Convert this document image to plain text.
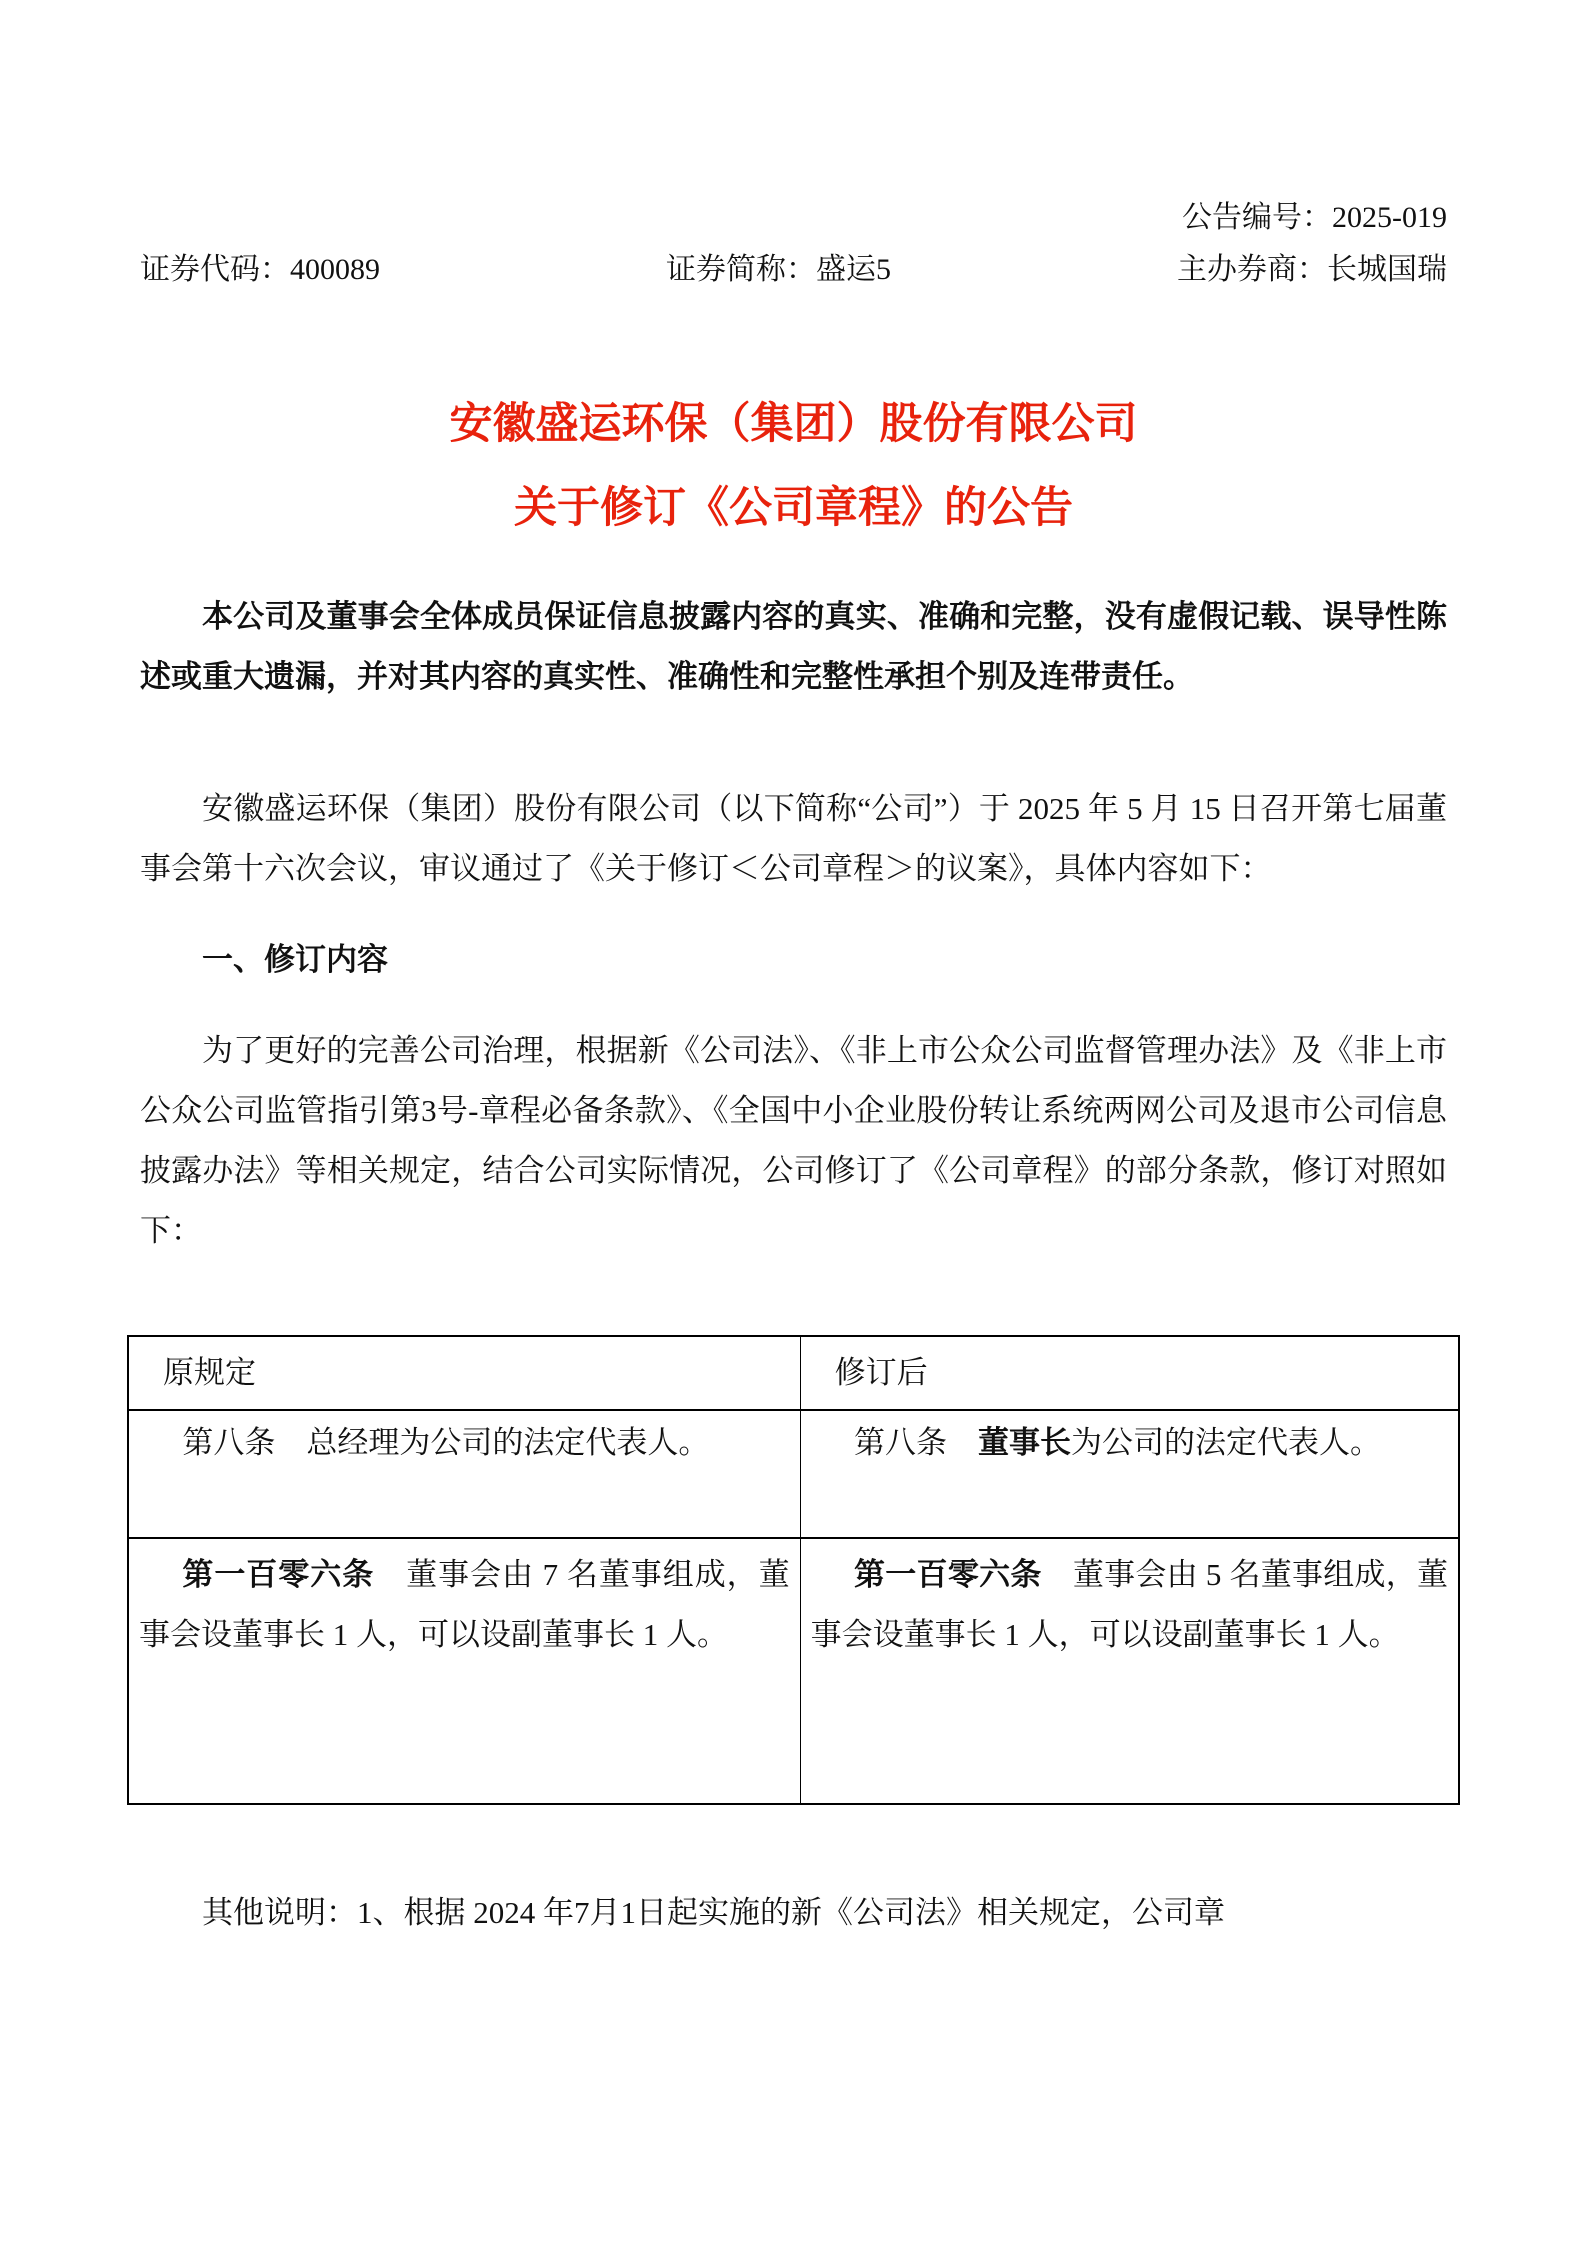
公告编号：2025-019
证券代码：400089	证券简称：盛运5	主办券商：长城国瑞
安徽盛运环保（集团）股份有限公司
关于修订《公司章程》的公告

本公司及董事会全体成员保证信息披露内容的真实、准确和完整，没有虚假记载、误导性陈述或重大遗漏，并对其内容的真实性、准确性和完整性承担个别及连带责任。

安徽盛运环保（集团）股份有限公司（以下简称“公司”）于 2025 年 5 月 15 日召开第七届董事会第十六次会议，审议通过了《关于修订＜公司章程＞的议案》，具体内容如下：

一、修订内容

为了更好的完善公司治理，根据新《公司法》、《非上市公众公司监督管理办法》及《非上市公众公司监管指引第3号-章程必备条款》、《全国中小企业股份转让系统两网公司及退市公司信息披露办法》等相关规定，结合公司实际情况，公司修订了《公司章程》的部分条款，修订对照如下：

原规定	修订后
第八条　总经理为公司的法定代表人。	第八条　董事长为公司的法定代表人。
第一百零六条　董事会由 7 名董事组成，董事会设董事长 1 人，可以设副董事长 1 人。	第一百零六条　董事会由 5 名董事组成，董事会设董事长 1 人，可以设副董事长 1 人。

其他说明：1、根据 2024 年7月1日起实施的新《公司法》相关规定，公司章
